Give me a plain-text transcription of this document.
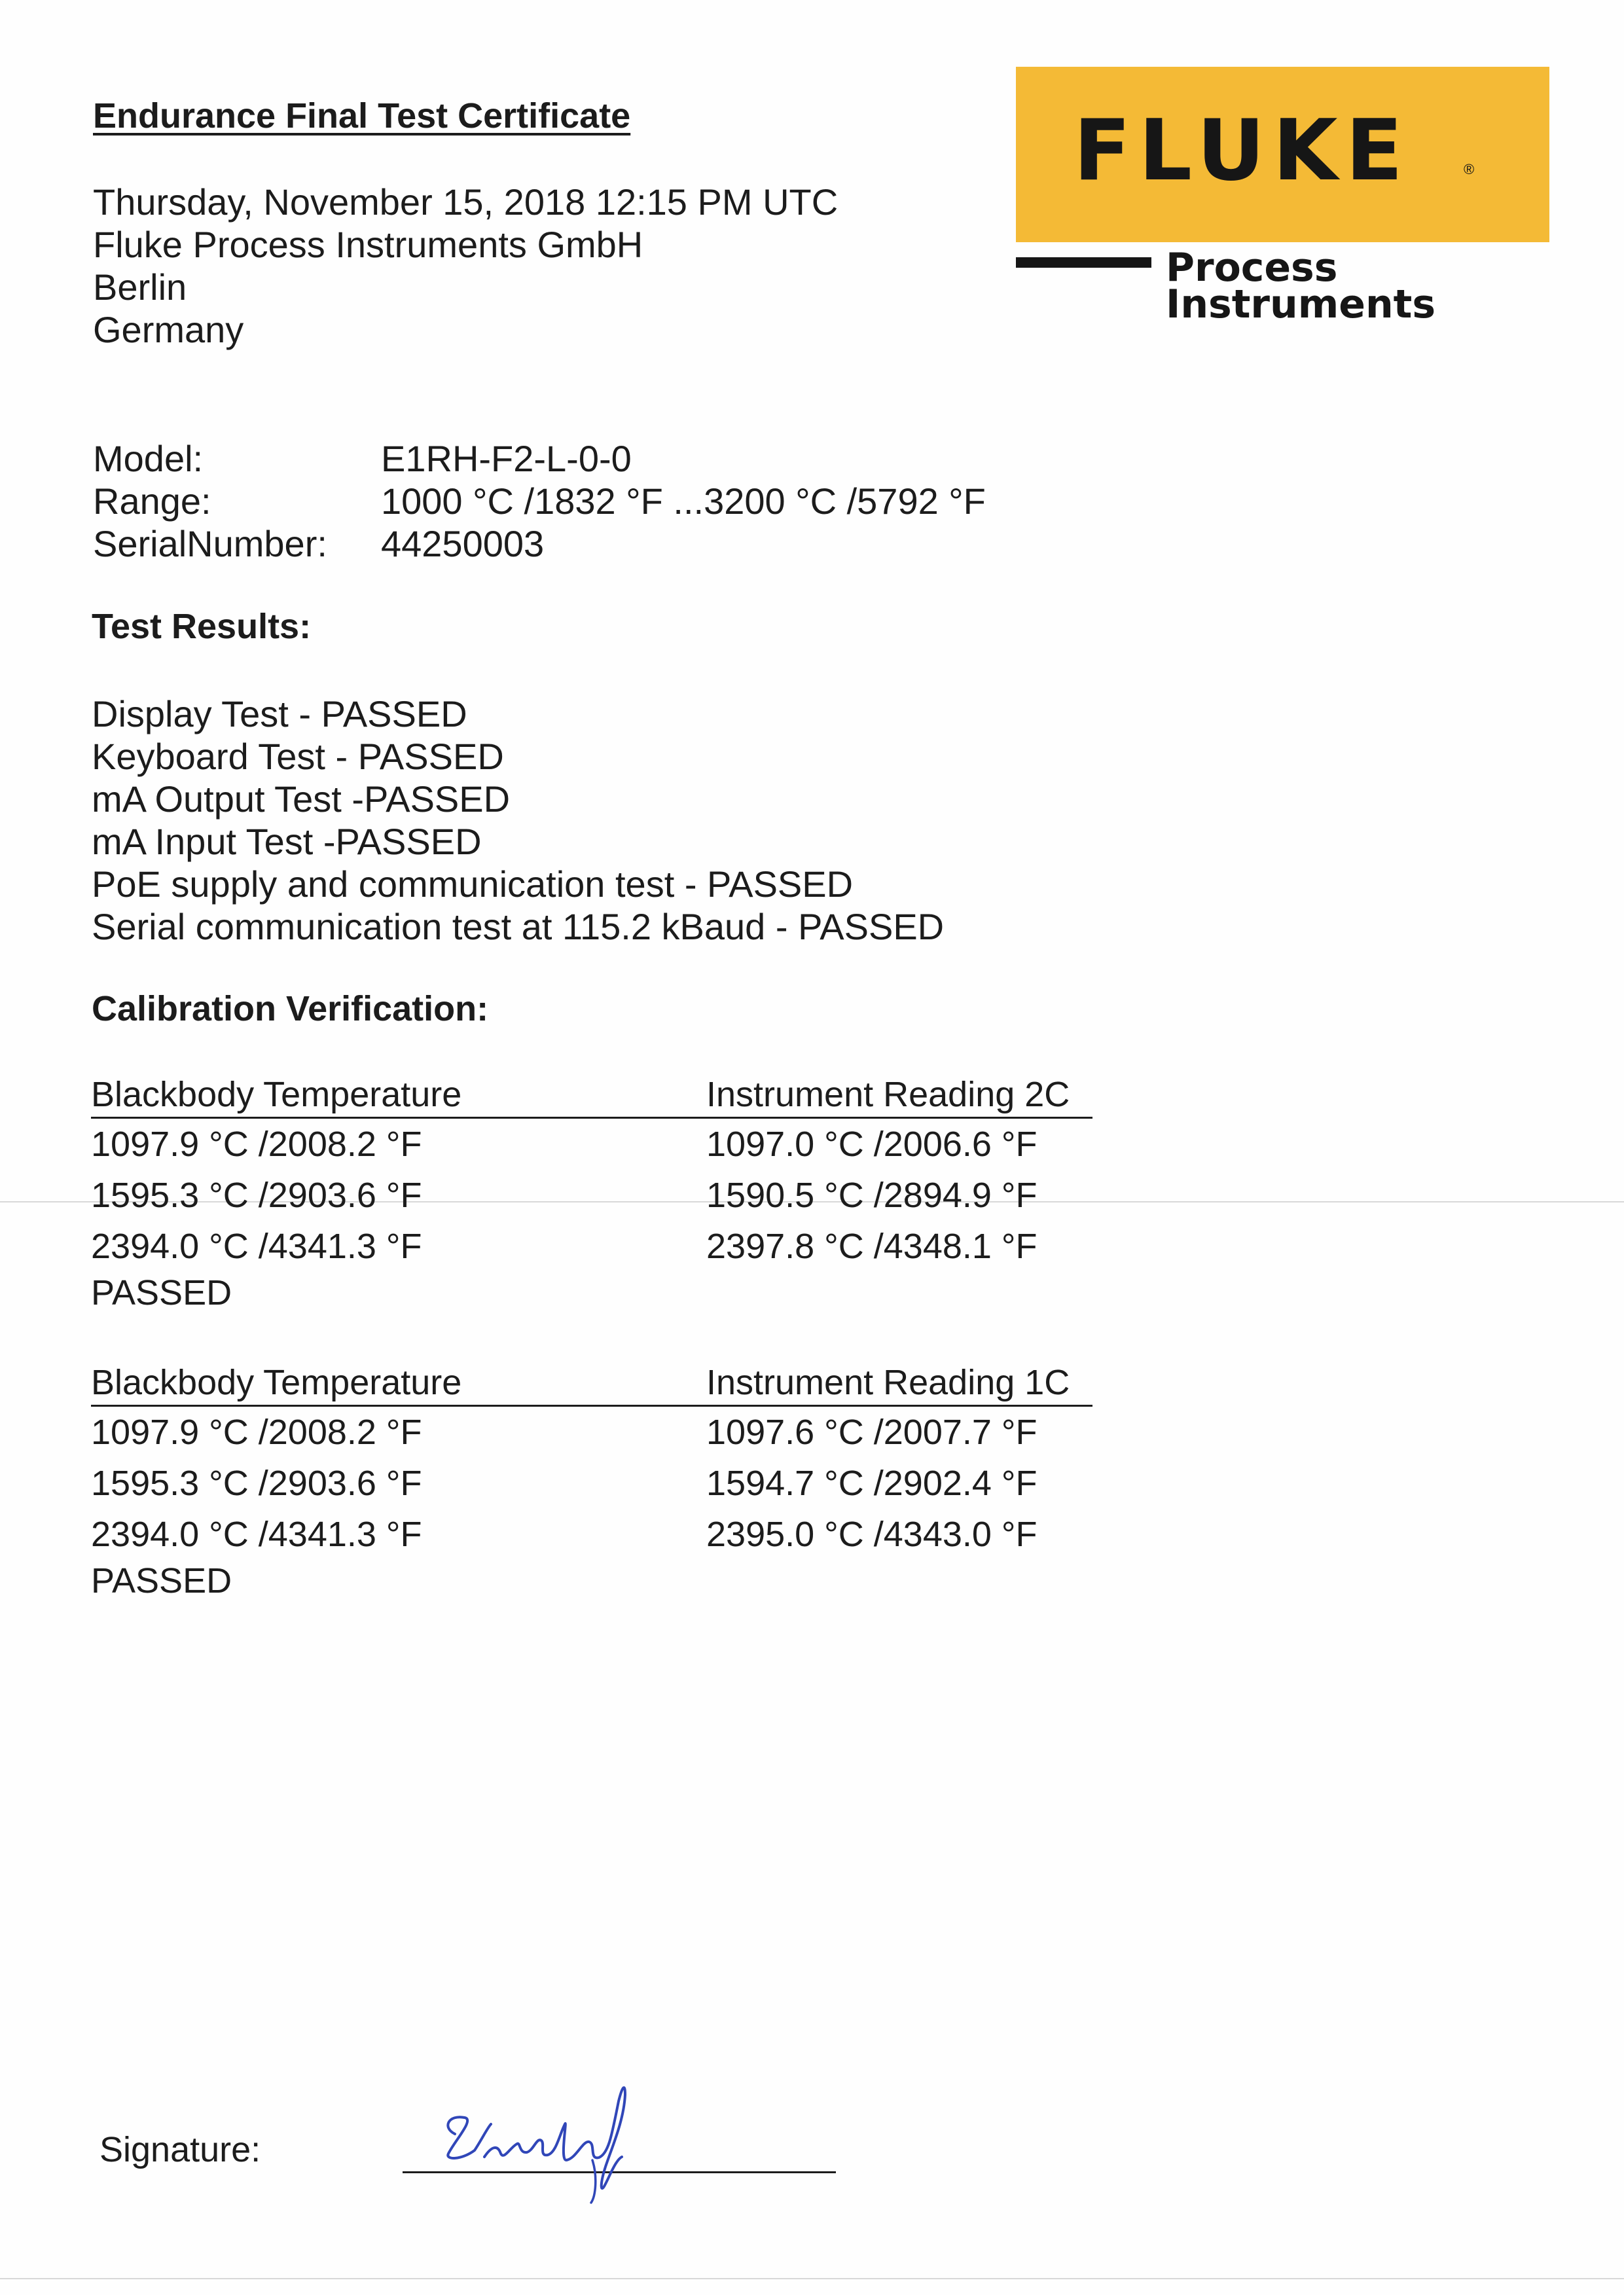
FLUKE	®
Process
Instruments
Endurance Final Test Certificate
Thursday, November 15, 2018 12:15 PM UTC
Fluke Process Instruments GmbH
Berlin
Germany
Model:	E1RH-F2-L-0-0
Range:	1000 °C /1832 °F ...3200 °C /5792 °F
SerialNumber:	44250003
Test Results:
Display Test - PASSED
Keyboard Test - PASSED
mA Output Test -PASSED
mA Input Test -PASSED
PoE supply and communication test - PASSED
Serial communication test at 115.2 kBaud - PASSED
Calibration Verification:
Blackbody Temperature	Instrument Reading 2C
1097.9 °C /2008.2 °F	1097.0 °C /2006.6 °F
1595.3 °C /2903.6 °F	1590.5 °C /2894.9 °F
2394.0 °C /4341.3 °F	2397.8 °C /4348.1 °F
PASSED
Blackbody Temperature	Instrument Reading 1C
1097.9 °C /2008.2 °F	1097.6 °C /2007.7 °F
1595.3 °C /2903.6 °F	1594.7 °C /2902.4 °F
2394.0 °C /4341.3 °F	2395.0 °C /4343.0 °F
PASSED
Signature:
